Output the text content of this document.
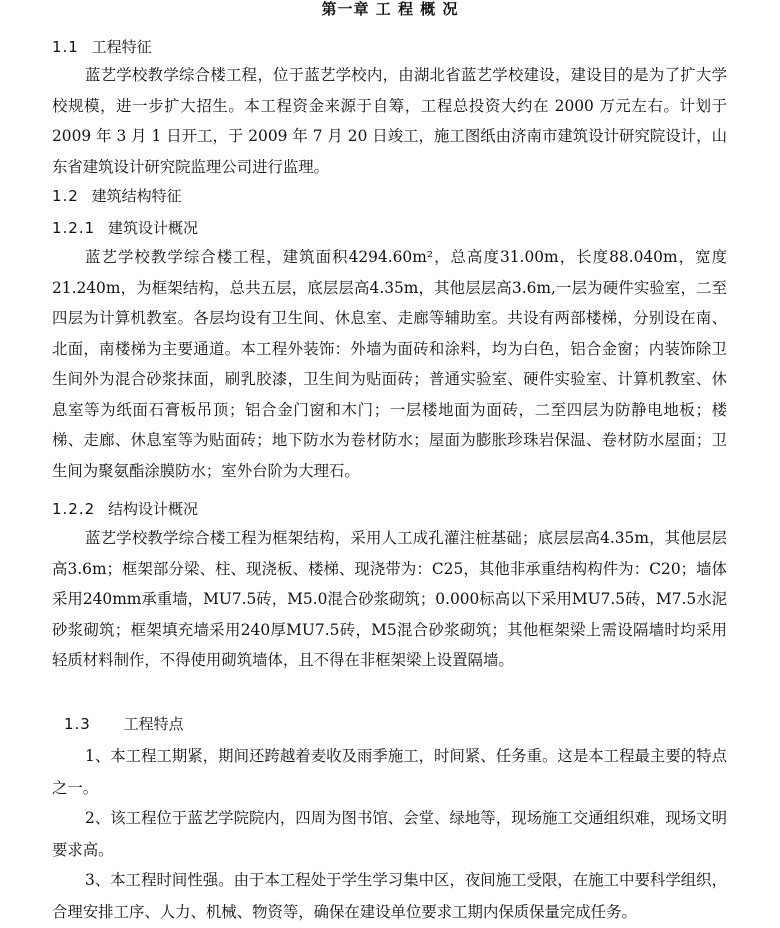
第一章 工 程 概 况
1.1 工程特征

蓝艺学校教学综合楼工程，位于蓝艺学校内，由湖北省蓝艺学校建设，建设目的是为了扩大学校规模，进一步扩大招生。本工程资金来源于自筹，工程总投资大约在 2000 万元左右。计划于 2009 年 3 月 1 日开工，于 2009 年 7 月 20 日竣工，施工图纸由济南市建筑设计研究院设计，山东省建筑设计研究院监理公司进行监理。

1.2 建筑结构特征
1.2.1 建筑设计概况

蓝艺学校教学综合楼工程，建筑面积4294.60m²，总高度31.00m，长度88.040m，宽度21.240m，为框架结构，总共五层，底层层高4.35m，其他层层高3.6m,一层为硬件实验室，二至四层为计算机教室。各层均设有卫生间、休息室、走廊等辅助室。共设有两部楼梯，分别设在南、北面，南楼梯为主要通道。本工程外装饰：外墙为面砖和涂料，均为白色，铝合金窗；内装饰除卫生间外为混合砂浆抹面，刷乳胶漆，卫生间为贴面砖；普通实验室、硬件实验室、计算机教室、休息室等为纸面石膏板吊顶；铝合金门窗和木门；一层楼地面为面砖，二至四层为防静电地板；楼梯、走廊、休息室等为贴面砖；地下防水为卷材防水；屋面为膨胀珍珠岩保温、卷材防水屋面；卫生间为聚氨酯涂膜防水；室外台阶为大理石。

1.2.2 结构设计概况

蓝艺学校教学综合楼工程为框架结构，采用人工成孔灌注桩基础；底层层高4.35m，其他层层高3.6m；框架部分梁、柱、现浇板、楼梯、现浇带为：C25，其他非承重结构构件为：C20；墙体采用240mm承重墙，MU7.5砖，M5.0混合砂浆砌筑；0.000标高以下采用MU7.5砖，M7.5水泥砂浆砌筑；框架填充墙采用240厚MU7.5砖，M5混合砂浆砌筑；其他框架梁上需设隔墙时均采用轻质材料制作，不得使用砌筑墙体，且不得在非框架梁上设置隔墙。

1.3 工程特点

1、本工程工期紧，期间还跨越着麦收及雨季施工，时间紧、任务重。这是本工程最主要的特点之一。

2、该工程位于蓝艺学院院内，四周为图书馆、会堂、绿地等，现场施工交通组织难，现场文明要求高。

3、本工程时间性强。由于本工程处于学生学习集中区，夜间施工受限，在施工中要科学组织，合理安排工序、人力、机械、物资等，确保在建设单位要求工期内保质保量完成任务。
